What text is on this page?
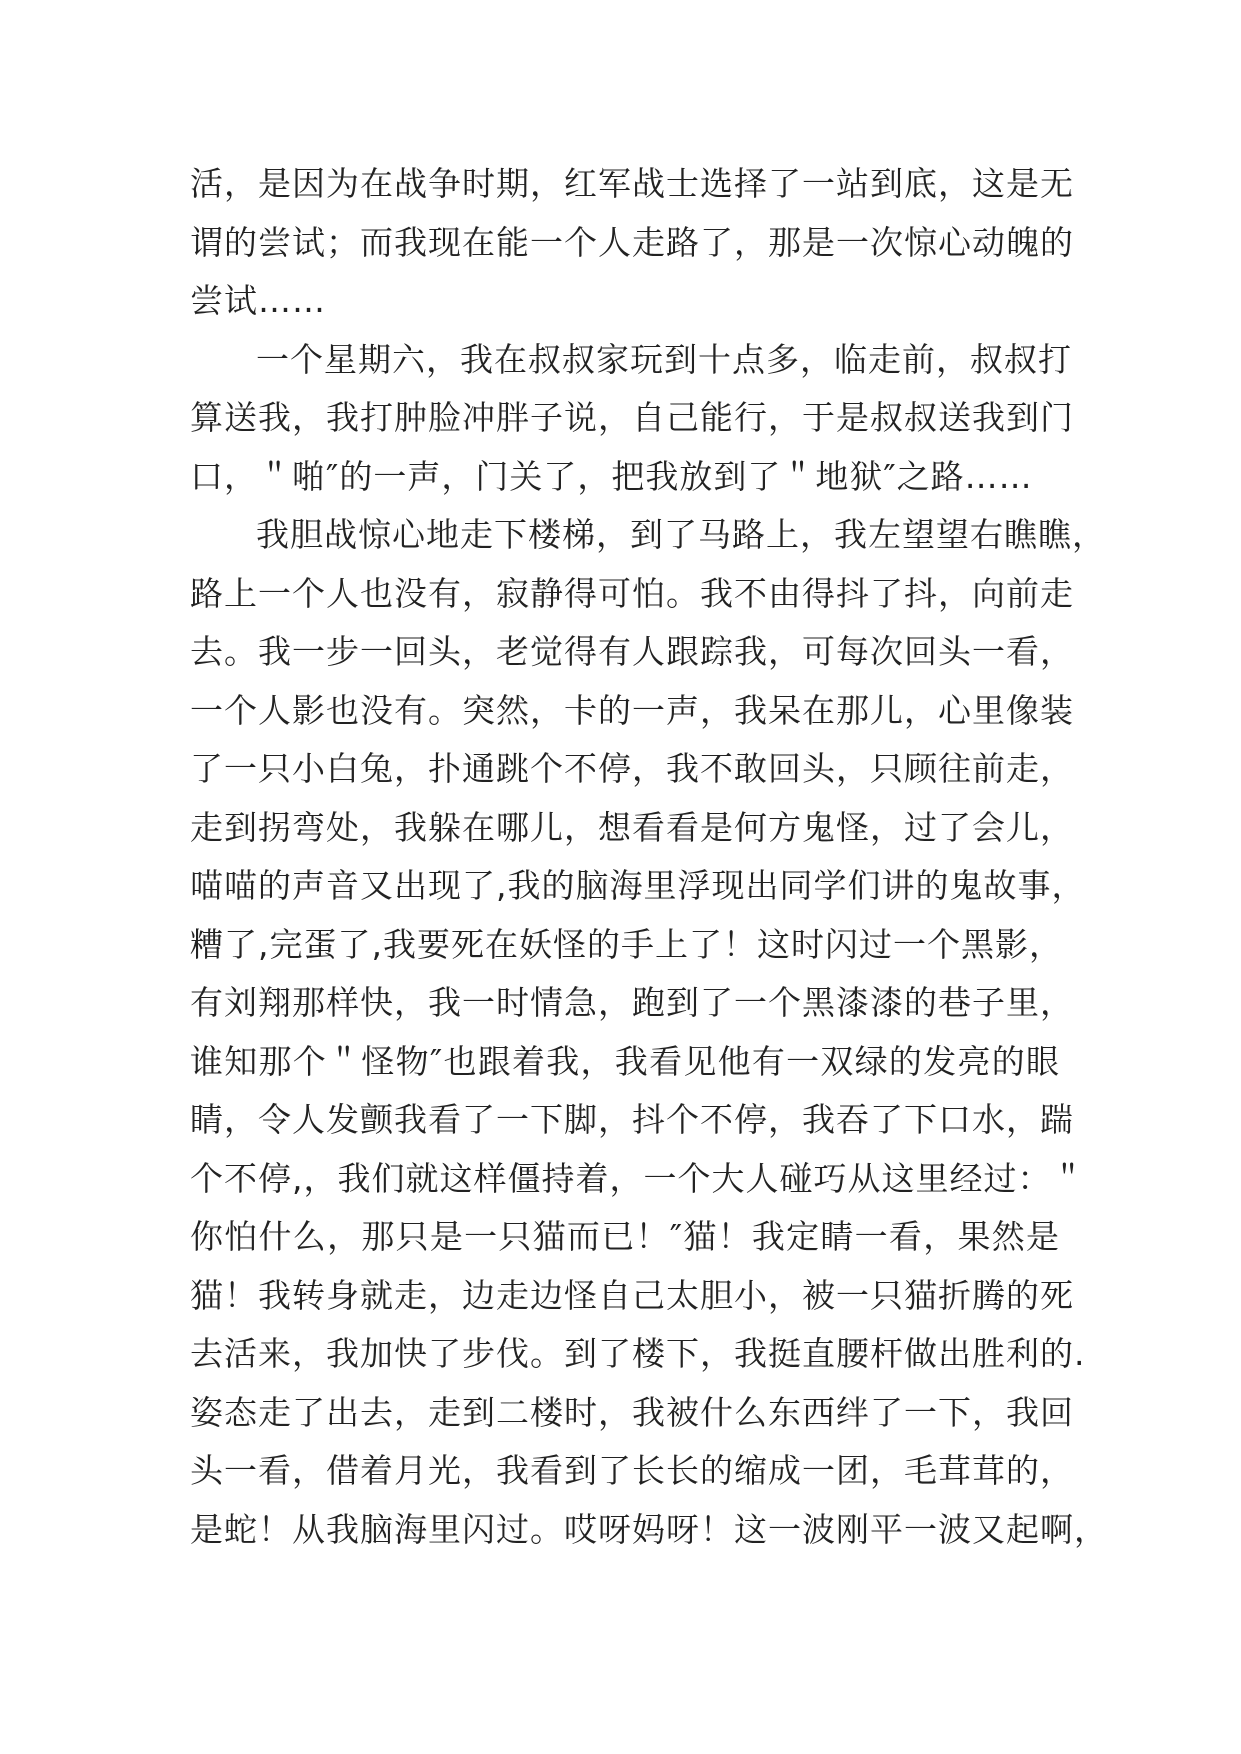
活，是因为在战争时期，红军战士选择了一站到底，这是无
谓的尝试；而我现在能一个人走路了，那是一次惊心动魄的
尝试……
一个星期六，我在叔叔家玩到十点多，临走前，叔叔打
算送我，我打肿脸冲胖子说，自己能行，于是叔叔送我到门
口，＂啪″的一声，门关了，把我放到了＂地狱″之路……
我胆战惊心地走下楼梯，到了马路上，我左望望右瞧瞧，
路上一个人也没有，寂静得可怕。我不由得抖了抖，向前走
去。我一步一回头，老觉得有人跟踪我，可每次回头一看，
一个人影也没有。突然，卡的一声，我呆在那儿，心里像装
了一只小白兔，扑通跳个不停，我不敢回头，只顾往前走，
走到拐弯处，我躲在哪儿，想看看是何方鬼怪，过了会儿，
喵喵的声音又出现了,我的脑海里浮现出同学们讲的鬼故事，
糟了,完蛋了,我要死在妖怪的手上了！这时闪过一个黑影，
有刘翔那样快，我一时情急，跑到了一个黑漆漆的巷子里，
谁知那个＂怪物″也跟着我，我看见他有一双绿的发亮的眼
睛，令人发颤我看了一下脚，抖个不停，我吞了下口水，踹
个不停,，我们就这样僵持着，一个大人碰巧从这里经过：＂
你怕什么，那只是一只猫而已！″猫！我定睛一看，果然是
猫！我转身就走，边走边怪自己太胆小，被一只猫折腾的死
去活来，我加快了步伐。到了楼下，我挺直腰杆做出胜利的.
姿态走了出去，走到二楼时，我被什么东西绊了一下，我回
头一看，借着月光，我看到了长长的缩成一团，毛茸茸的，
是蛇！从我脑海里闪过。哎呀妈呀！这一波刚平一波又起啊，
